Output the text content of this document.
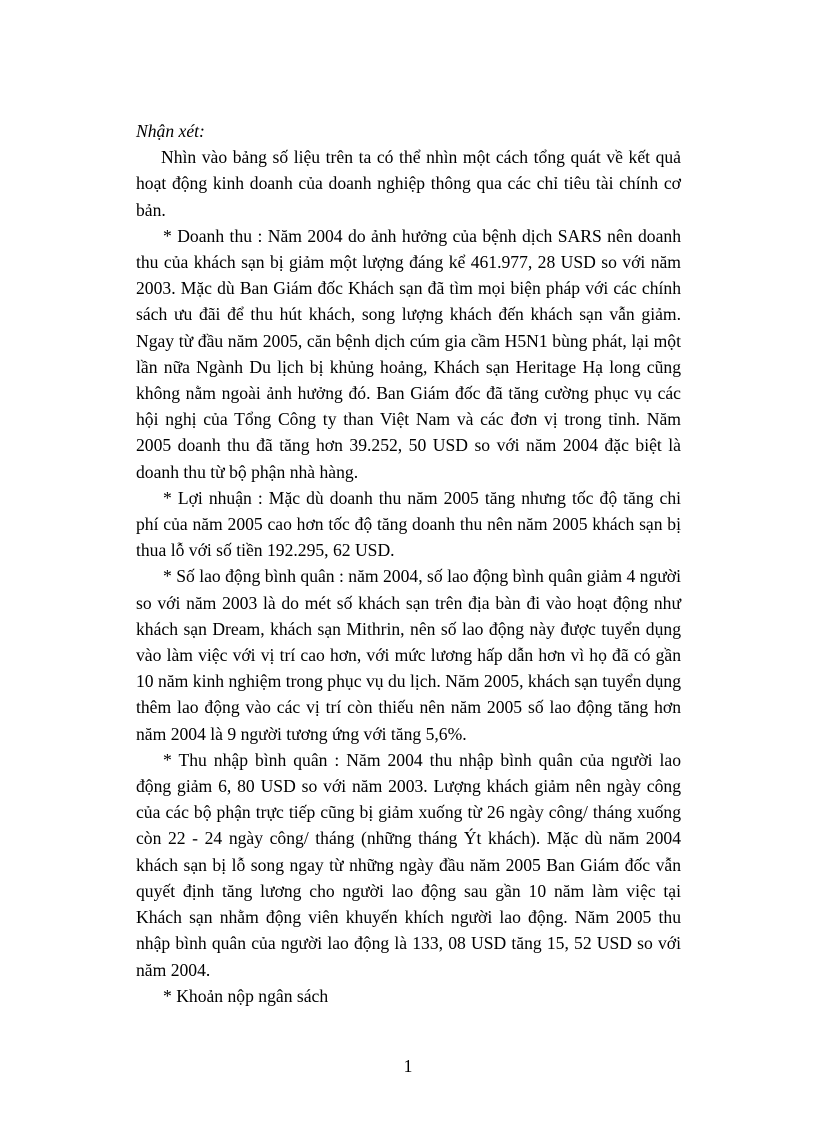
Nhận xét:

Nhìn vào bảng số liệu trên ta có thể nhìn một cách tổng quát về kết quả hoạt động kinh doanh của doanh nghiệp thông qua các chỉ tiêu tài chính cơ bản.

* Doanh thu : Năm 2004 do ảnh hưởng của bệnh dịch SARS nên doanh thu của khách sạn bị giảm một lượng đáng kể 461.977, 28 USD so với năm 2003. Mặc dù Ban Giám đốc Khách sạn đã tìm mọi biện pháp với các chính sách ưu đãi để thu hút khách, song lượng khách đến khách sạn vẫn giảm. Ngay từ đầu năm 2005, căn bệnh dịch cúm gia cầm H5N1 bùng phát, lại một lần nữa Ngành Du lịch bị khủng hoảng, Khách sạn Heritage Hạ long cũng không nằm ngoài ảnh hưởng đó. Ban Giám đốc đã tăng cường phục vụ các hội nghị của Tổng Công ty than Việt Nam và các đơn vị trong tỉnh. Năm 2005 doanh thu đã tăng hơn 39.252, 50 USD so với năm 2004 đặc biệt là doanh thu từ bộ phận nhà hàng.

* Lợi nhuận : Mặc dù doanh thu năm 2005 tăng nhưng tốc độ tăng chi phí của năm 2005 cao hơn tốc độ tăng doanh thu nên năm 2005 khách sạn bị thua lỗ với số tiền 192.295, 62 USD.

* Số lao động bình quân : năm 2004, số lao động bình quân giảm 4 người so với năm 2003 là do mét số khách sạn trên địa bàn đi vào hoạt động như khách sạn Dream, khách sạn Mithrin, nên số lao động này được tuyển dụng vào làm việc với vị trí cao hơn, với mức lương hấp dẫn hơn vì họ đã có gần 10 năm kinh nghiệm trong phục vụ du lịch. Năm 2005, khách sạn tuyển dụng thêm lao động vào các vị trí còn thiếu nên năm 2005 số lao động tăng hơn năm 2004 là 9 người tương ứng với tăng 5,6%.

* Thu nhập bình quân : Năm 2004 thu nhập bình quân của người lao động giảm 6, 80 USD so với năm 2003. Lượng khách giảm nên ngày công của các bộ phận trực tiếp cũng bị giảm xuống từ 26 ngày công/ tháng xuống còn 22 - 24 ngày công/ tháng (những tháng Ýt khách). Mặc dù năm 2004 khách sạn bị lỗ song ngay từ những ngày đầu năm 2005 Ban Giám đốc vẫn quyết định tăng lương cho người lao động sau gần 10 năm làm việc tại Khách sạn nhằm động viên khuyến khích người lao động. Năm 2005 thu nhập bình quân của người lao động là 133, 08 USD tăng 15, 52 USD so với năm 2004.

* Khoản nộp ngân sách

1
